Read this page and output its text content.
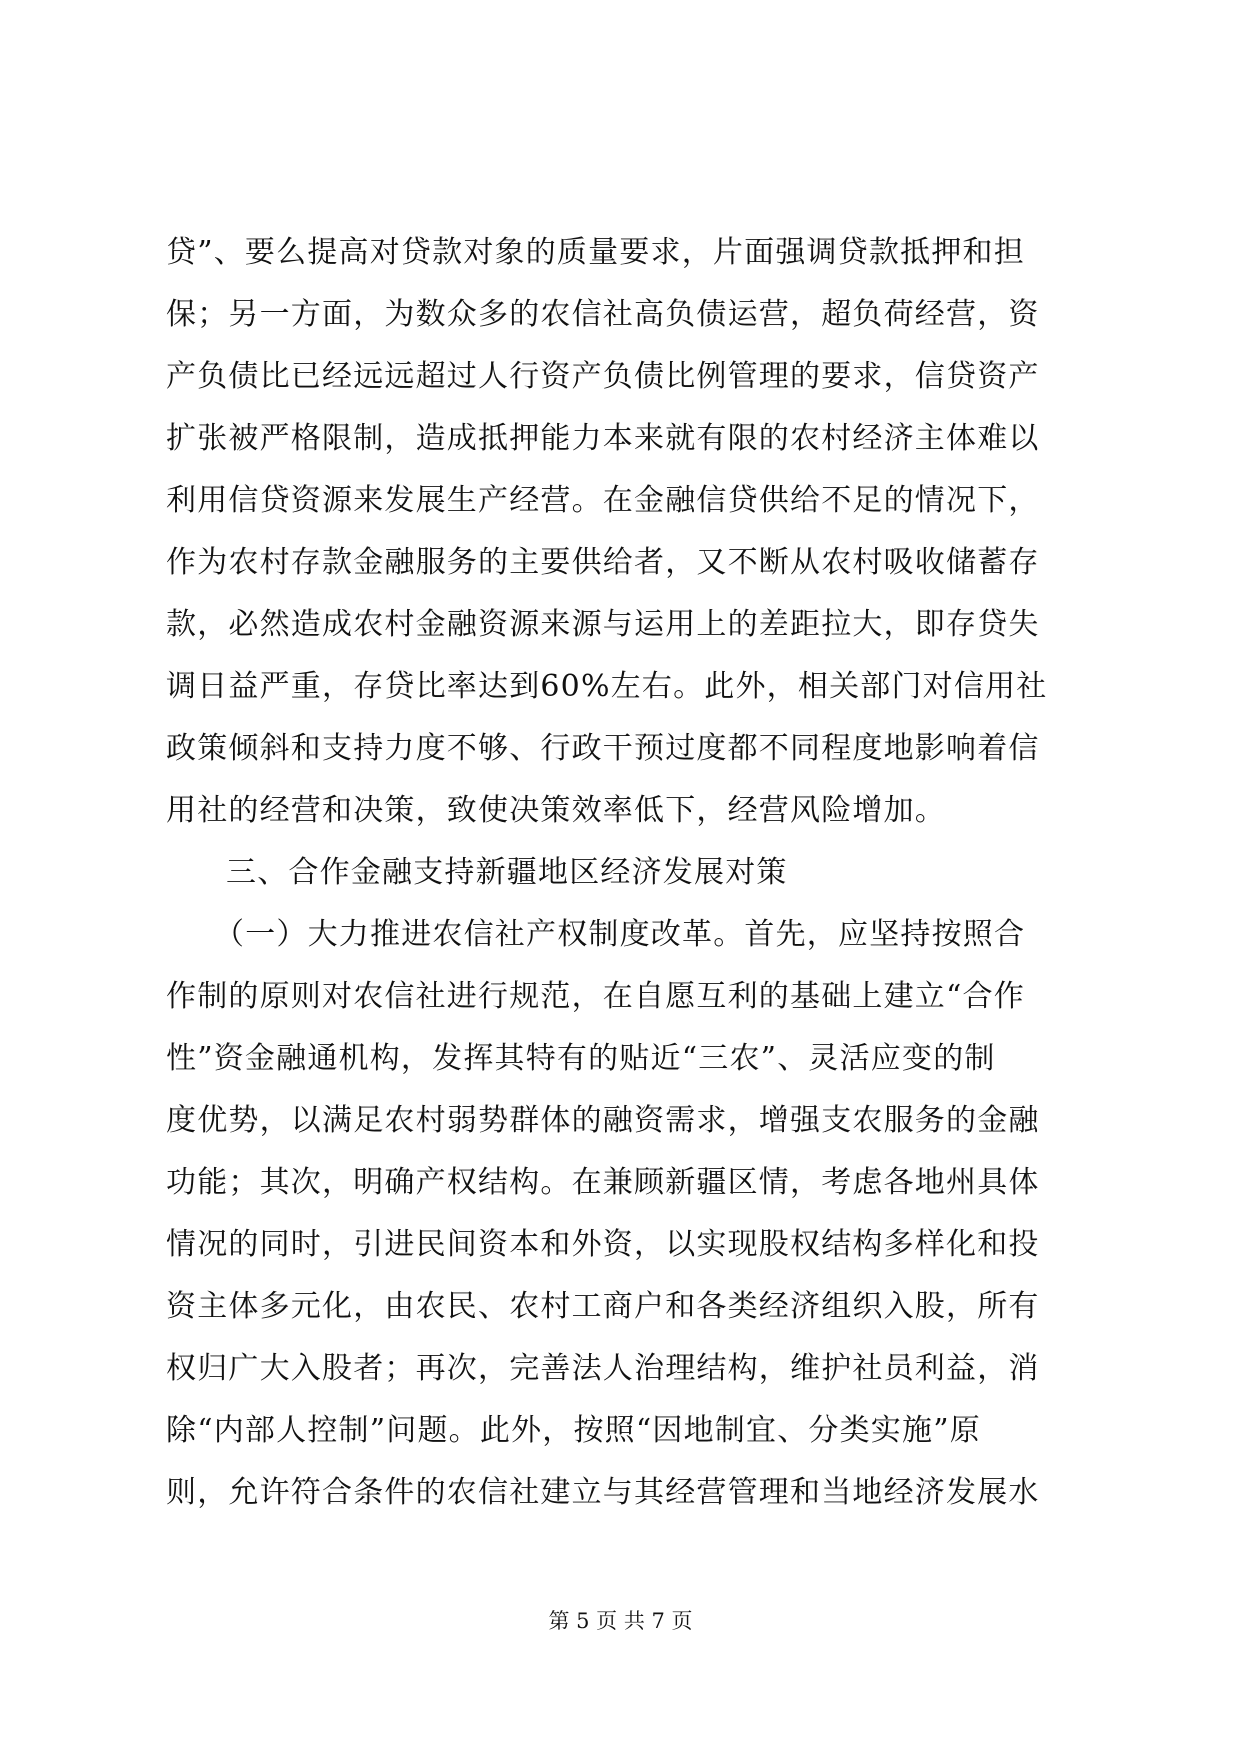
贷”、要么提高对贷款对象的质量要求，片面强调贷款抵押和担
保；另一方面，为数众多的农信社高负债运营，超负荷经营，资
产负债比已经远远超过人行资产负债比例管理的要求，信贷资产
扩张被严格限制，造成抵押能力本来就有限的农村经济主体难以
利用信贷资源来发展生产经营。在金融信贷供给不足的情况下，
作为农村存款金融服务的主要供给者，又不断从农村吸收储蓄存
款，必然造成农村金融资源来源与运用上的差距拉大，即存贷失
调日益严重，存贷比率达到60%左右。此外，相关部门对信用社
政策倾斜和支持力度不够、行政干预过度都不同程度地影响着信
用社的经营和决策，致使决策效率低下，经营风险增加。
三、合作金融支持新疆地区经济发展对策
（一）大力推进农信社产权制度改革。首先，应坚持按照合
作制的原则对农信社进行规范，在自愿互利的基础上建立“合作
性”资金融通机构，发挥其特有的贴近“三农”、灵活应变的制
度优势，以满足农村弱势群体的融资需求，增强支农服务的金融
功能；其次，明确产权结构。在兼顾新疆区情，考虑各地州具体
情况的同时，引进民间资本和外资，以实现股权结构多样化和投
资主体多元化，由农民、农村工商户和各类经济组织入股，所有
权归广大入股者；再次，完善法人治理结构，维护社员利益，消
除“内部人控制”问题。此外，按照“因地制宜、分类实施”原
则，允许符合条件的农信社建立与其经营管理和当地经济发展水
第 5 页 共 7 页
